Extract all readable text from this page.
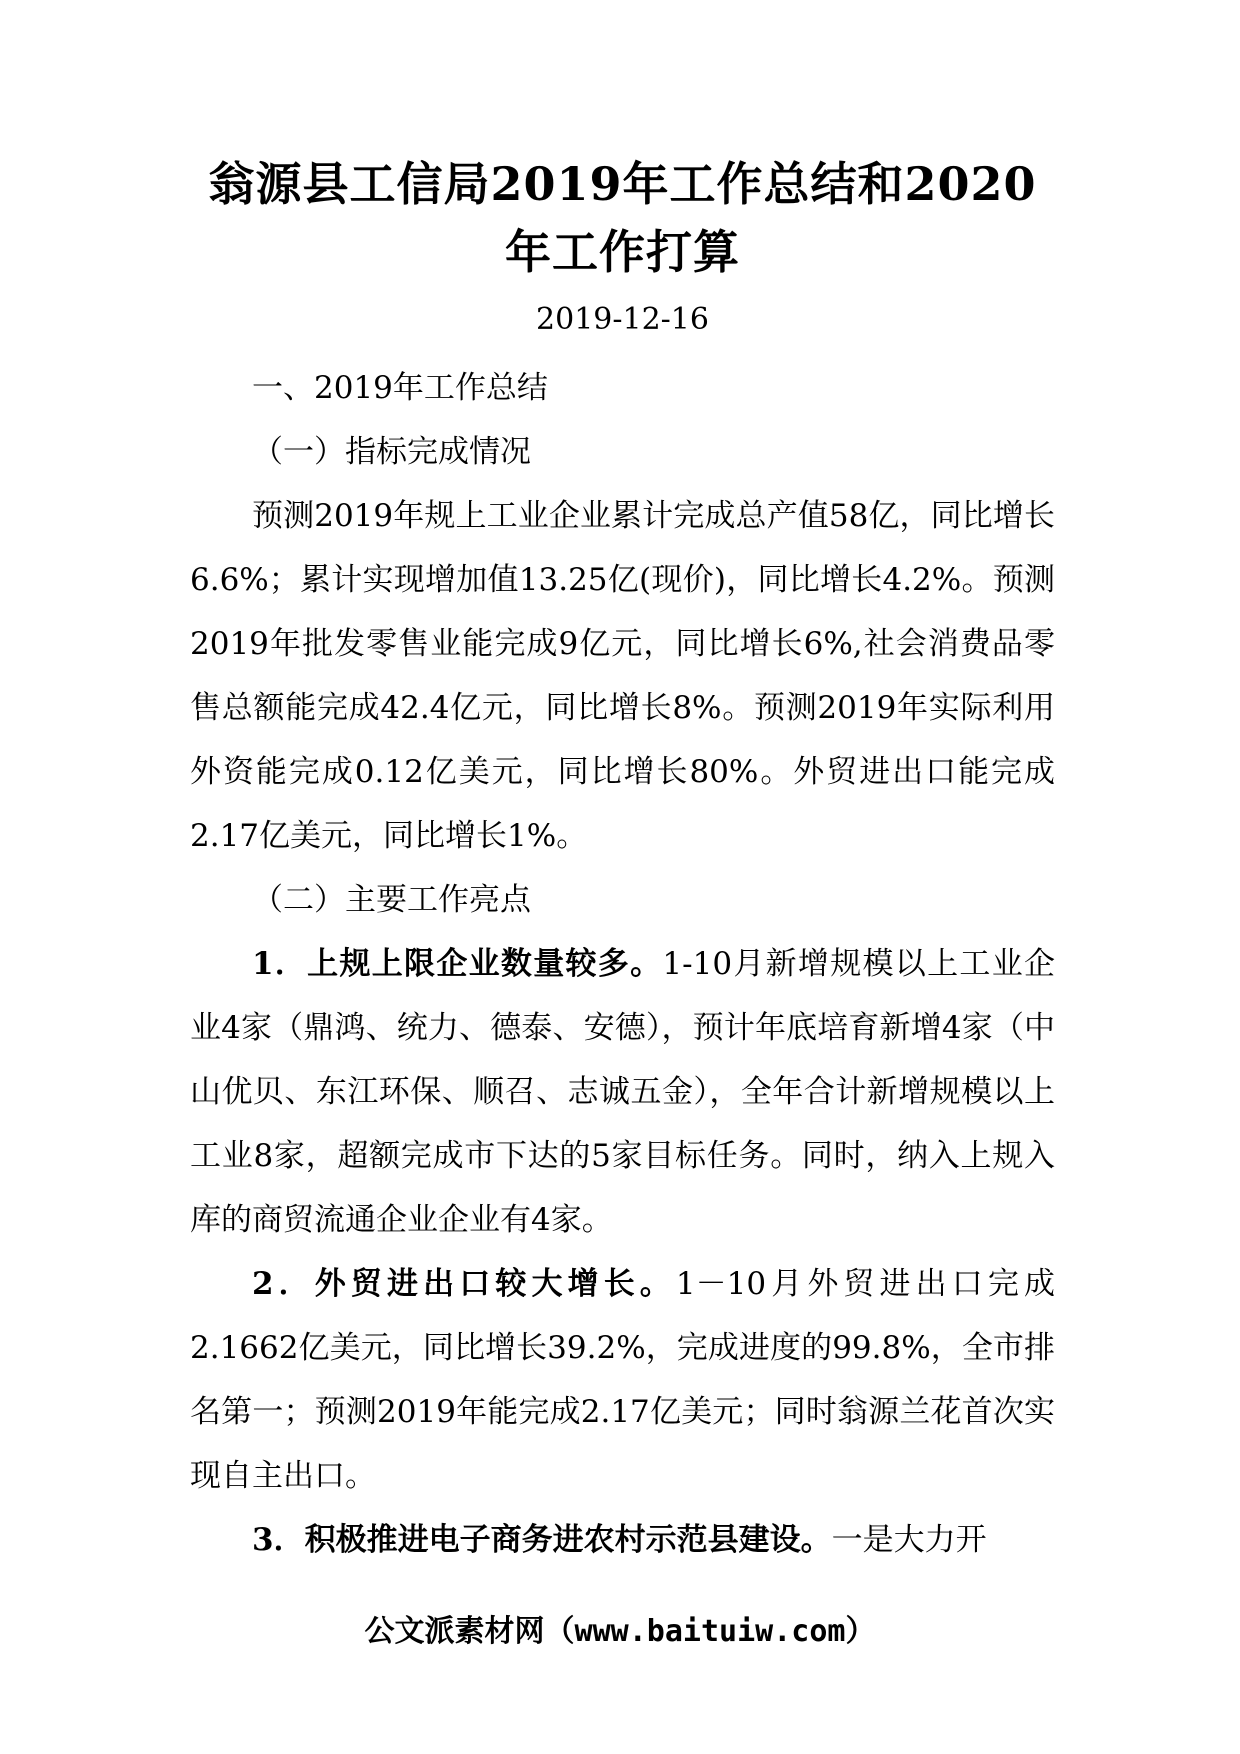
翁源县工信局2019年工作总结和2020年工作打算
2019-12-16

一、2019年工作总结

（一）指标完成情况

预测2019年规上工业企业累计完成总产值58亿，同比增长6.6%；累计实现增加值13.25亿(现价)，同比增长4.2%。预测2019年批发零售业能完成9亿元，同比增长6%,社会消费品零售总额能完成42.4亿元，同比增长8%。预测2019年实际利用外资能完成0.12亿美元，同比增长80%。外贸进出口能完成2.17亿美元，同比增长1%。

（二）主要工作亮点

1．上规上限企业数量较多。1-10月新增规模以上工业企业4家（鼎鸿、统力、德泰、安德），预计年底培育新增4家（中山优贝、东江环保、顺召、志诚五金），全年合计新增规模以上工业8家，超额完成市下达的5家目标任务。同时，纳入上规入库的商贸流通企业企业有4家。

2．外贸进出口较大增长。1－10月外贸进出口完成2.1662亿美元，同比增长39.2%，完成进度的99.8%，全市排名第一；预测2019年能完成2.17亿美元；同时翁源兰花首次实现自主出口。

3．积极推进电子商务进农村示范县建设。一是大力开

公文派素材网（www.baituiw.com）
